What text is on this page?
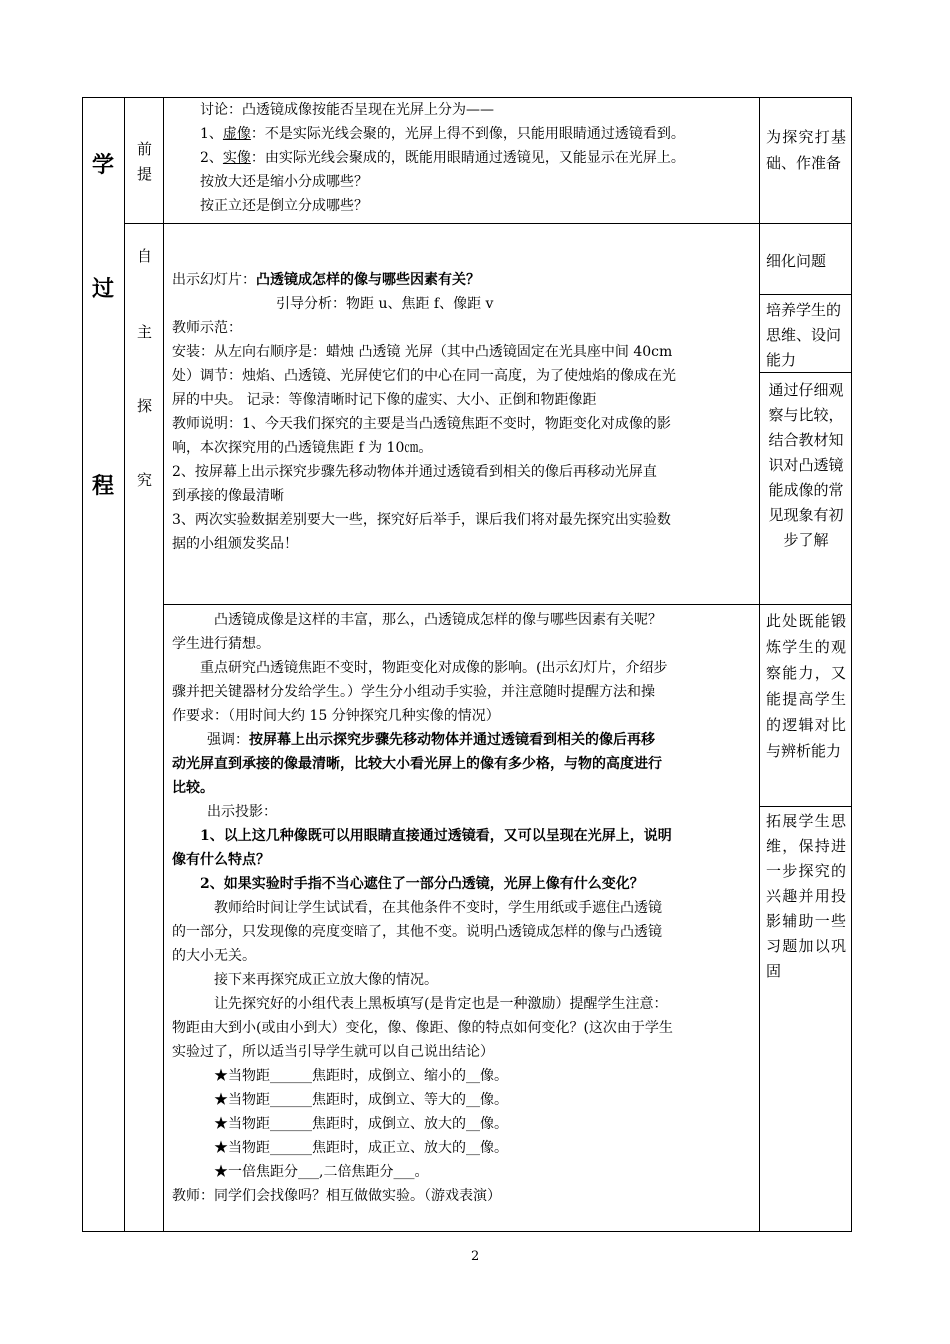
学
过
程
前
提
自
主
探
究

讨论：凸透镜成像按能否呈现在光屏上分为——

1、虚像：不是实际光线会聚的，光屏上得不到像，只能用眼睛通过透镜看到。

2、实像：由实际光线会聚成的，既能用眼睛通过透镜见，又能显示在光屏上。

按放大还是缩小分成哪些？

按正立还是倒立分成哪些？

出示幻灯片：凸透镜成怎样的像与哪些因素有关？

引导分析：物距 u、焦距 f、像距 v

教师示范：

安装：从左向右顺序是：蜡烛 凸透镜 光屏（其中凸透镜固定在光具座中间 40cm

处）调节：烛焰、凸透镜、光屏使它们的中心在同一高度，为了使烛焰的像成在光

屏的中央。 记录：等像清晰时记下像的虚实、大小、正倒和物距像距

教师说明：1、今天我们探究的主要是当凸透镜焦距不变时，物距变化对成像的影

响，本次探究用的凸透镜焦距 f 为 10㎝。

2、按屏幕上出示探究步骤先移动物体并通过透镜看到相关的像后再移动光屏直

到承接的像最清晰

3、两次实验数据差别要大一些，探究好后举手，课后我们将对最先探究出实验数

据的小组颁发奖品！

凸透镜成像是这样的丰富，那么，凸透镜成怎样的像与哪些因素有关呢？

学生进行猜想。

重点研究凸透镜焦距不变时，物距变化对成像的影响。(出示幻灯片，介绍步

骤并把关键器材分发给学生。）学生分小组动手实验，并注意随时提醒方法和操

作要求：（用时间大约 15 分钟探究几种实像的情况）

强调：按屏幕上出示探究步骤先移动物体并通过透镜看到相关的像后再移

动光屏直到承接的像最清晰，比较大小看光屏上的像有多少格，与物的高度进行

比较。

出示投影：

1、以上这几种像既可以用眼睛直接通过透镜看，又可以呈现在光屏上，说明

像有什么特点？

2、如果实验时手指不当心遮住了一部分凸透镜，光屏上像有什么变化？

教师给时间让学生试试看，在其他条件不变时，学生用纸或手遮住凸透镜

的一部分，只发现像的亮度变暗了，其他不变。说明凸透镜成怎样的像与凸透镜

的大小无关。

接下来再探究成正立放大像的情况。

让先探究好的小组代表上黑板填写(是肯定也是一种激励）提醒学生注意：

物距由大到小(或由小到大）变化，像、像距、像的特点如何变化？(这次由于学生

实验过了，所以适当引导学生就可以自己说出结论）

★当物距______焦距时，成倒立、缩小的__像。

★当物距______焦距时，成倒立、等大的__像。

★当物距______焦距时，成倒立、放大的__像。

★当物距______焦距时，成正立、放大的__像。

★一倍焦距分___,二倍焦距分___。

教师：同学们会找像吗？相互做做实验。（游戏表演）

为探究打基础、作准备

细化问题

培养学生的思维、设问能力

通过仔细观察与比较，结合教材知识对凸透镜能成像的常见现象有初步了解

此处既能锻炼学生的观察能力，又能提高学生的逻辑对比与辨析能力

拓展学生思维，保持进一步探究的兴趣并用投影辅助一些习题加以巩固

2
